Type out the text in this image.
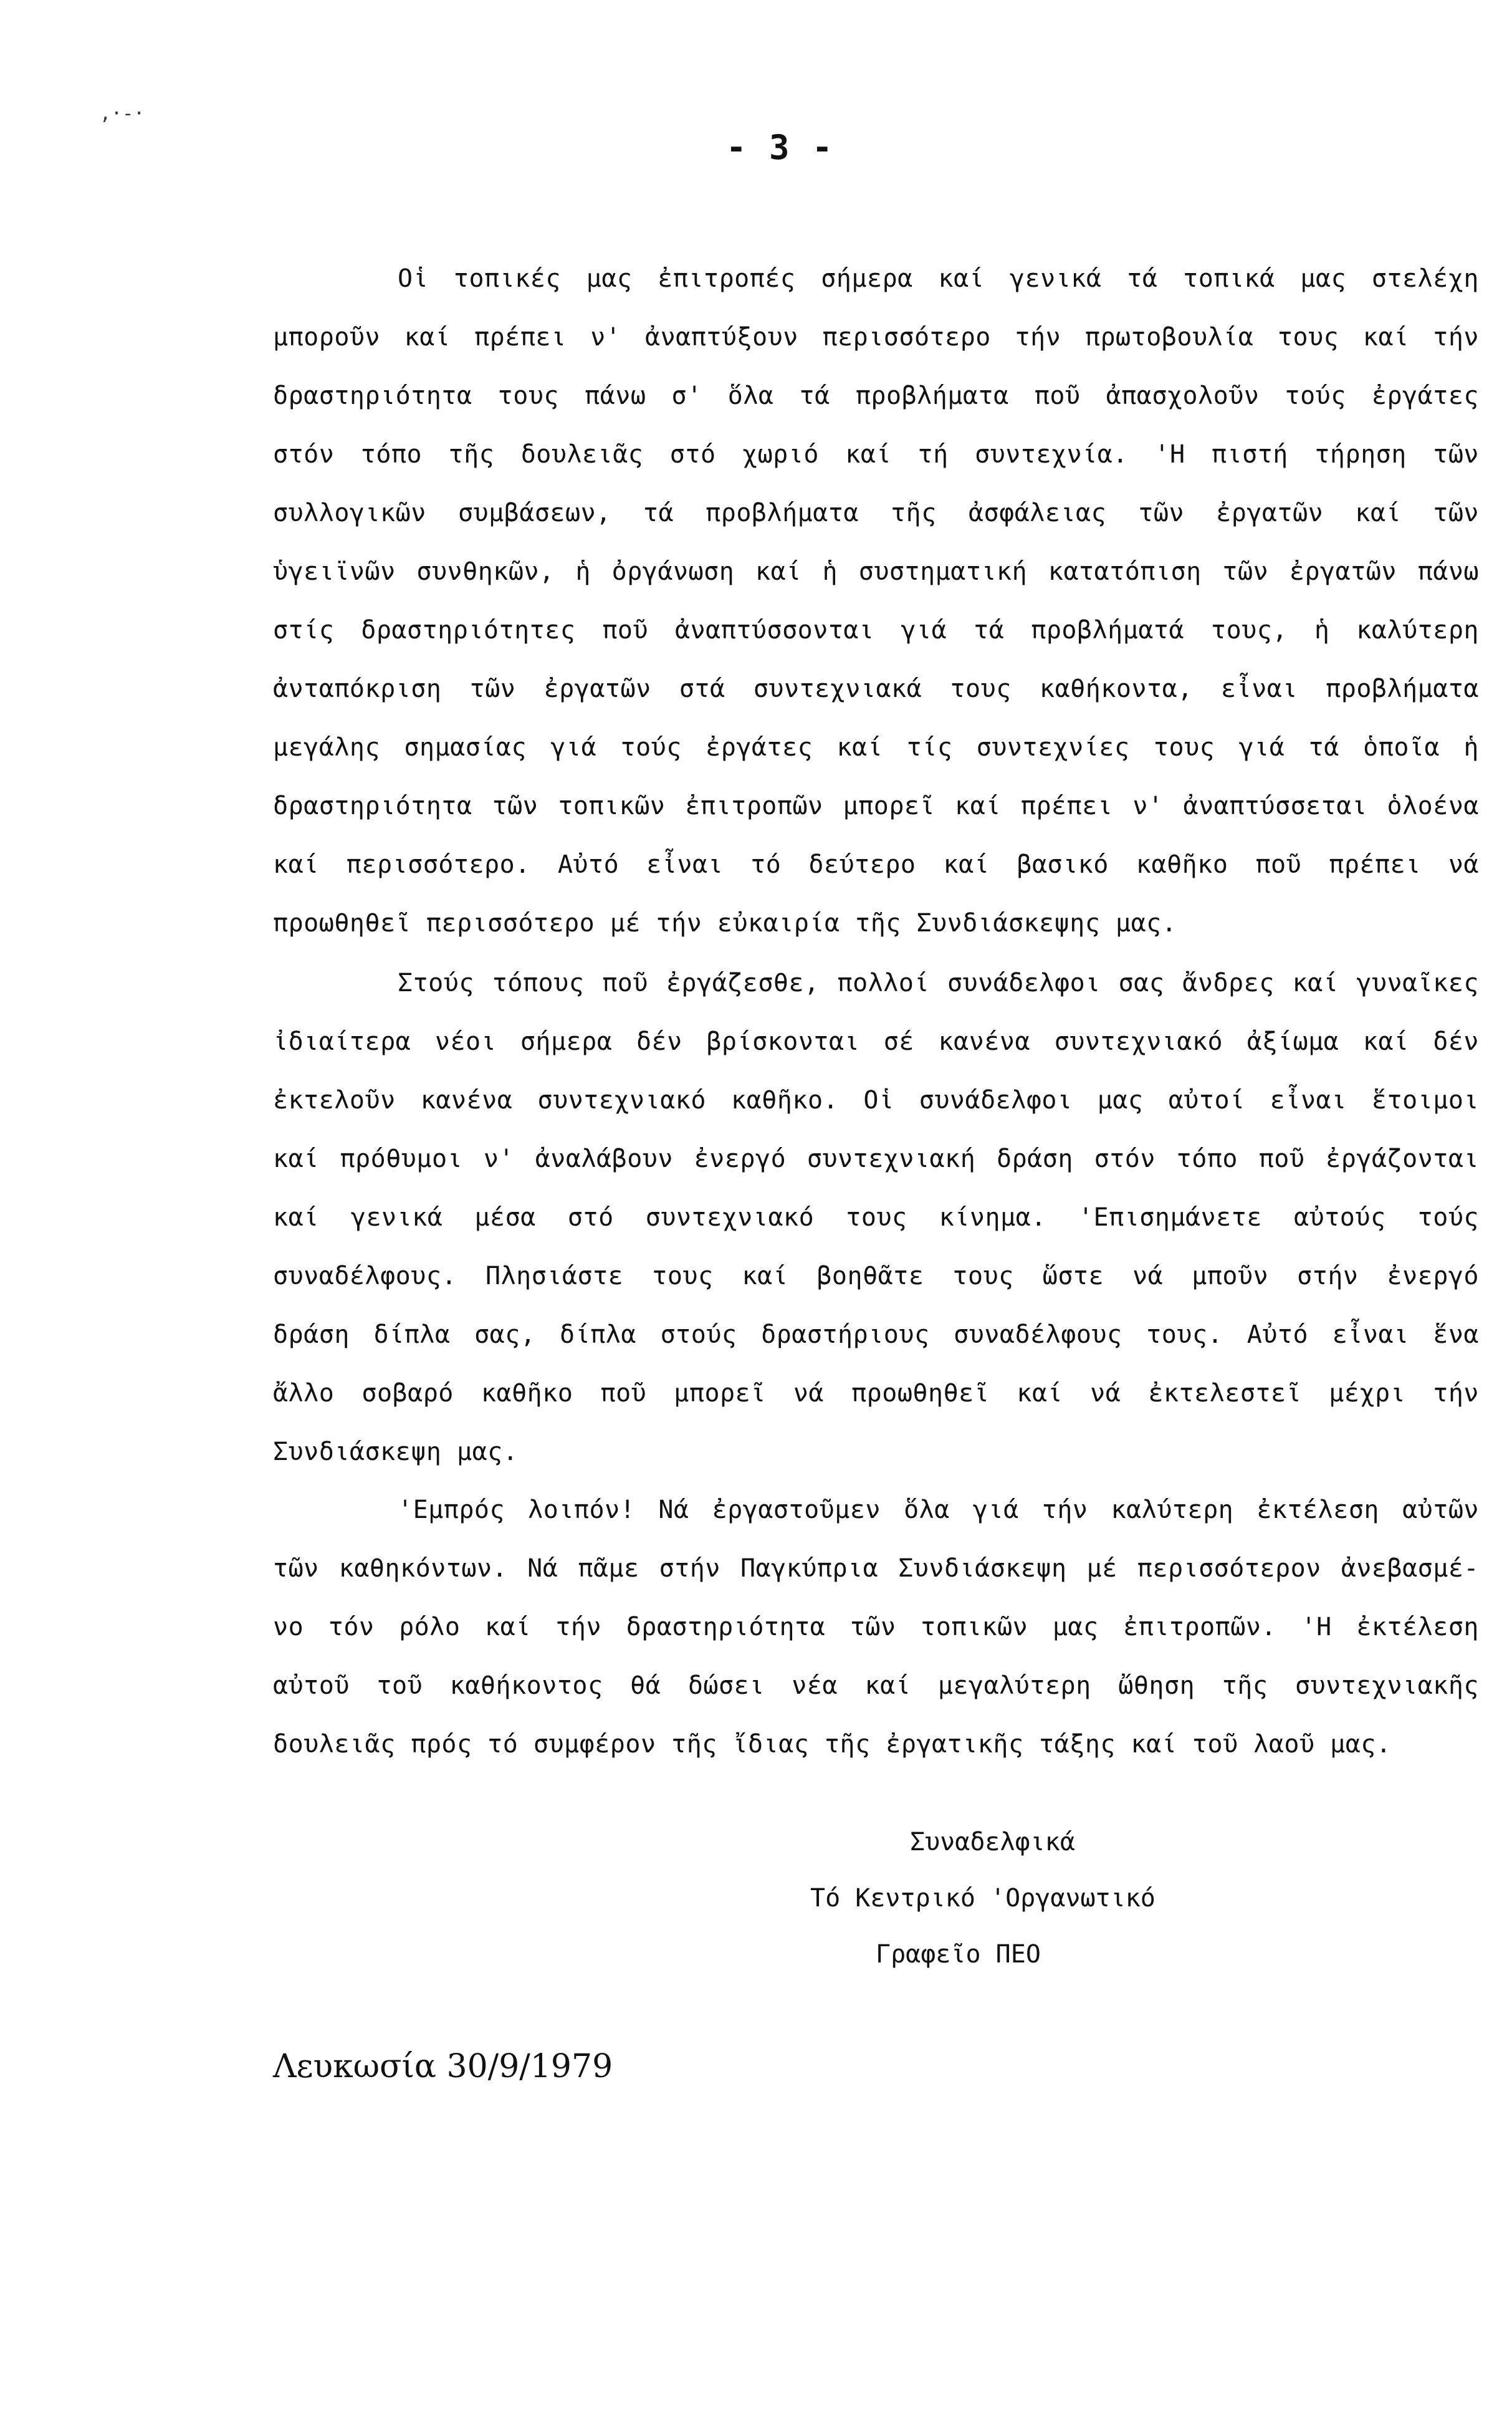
,·-·
- 3 -
Οἱ τοπικές μας ἐπιτροπές σήμερα καί γενικά τά τοπικά μας στελέχη
μποροῦν καί πρέπει ν' ἀναπτύξουν περισσότερο τήν πρωτοβουλία τους καί τήν
δραστηριότητα τους πάνω σ' ὅλα τά προβλήματα ποῦ ἀπασχολοῦν τούς ἐργάτες
στόν τόπο τῆς δουλειᾶς στό χωριό καί τή συντεχνία. 'Η πιστή τήρηση τῶν
συλλογικῶν συμβάσεων, τά προβλήματα τῆς ἀσφάλειας τῶν ἐργατῶν καί τῶν
ὑγειϊνῶν συνθηκῶν, ἡ ὀργάνωση καί ἡ συστηματική κατατόπιση τῶν ἐργατῶν πάνω
στίς δραστηριότητες ποῦ ἀναπτύσσονται γιά τά προβλήματά τους, ἡ καλύτερη
ἀνταπόκριση τῶν ἐργατῶν στά συντεχνιακά τους καθήκοντα, εἶναι προβλήματα
μεγάλης σημασίας γιά τούς ἐργάτες καί τίς συντεχνίες τους γιά τά ὁποῖα ἡ
δραστηριότητα τῶν τοπικῶν ἐπιτροπῶν μπορεῖ καί πρέπει ν' ἀναπτύσσεται ὁλοένα
καί περισσότερο. Αὐτό εἶναι τό δεύτερο καί βασικό καθῆκο ποῦ πρέπει νά
προωθηθεῖ περισσότερο μέ τήν εὐκαιρία τῆς Συνδιάσκεψης μας.
Στούς τόπους ποῦ ἐργάζεσθε, πολλοί συνάδελφοι σας ἄνδρες καί γυναῖκες
ἰδιαίτερα νέοι σήμερα δέν βρίσκονται σέ κανένα συντεχνιακό ἀξίωμα καί δέν
ἐκτελοῦν κανένα συντεχνιακό καθῆκο. Οἱ συνάδελφοι μας αὐτοί εἶναι ἕτοιμοι
καί πρόθυμοι ν' ἀναλάβουν ἐνεργό συντεχνιακή δράση στόν τόπο ποῦ ἐργάζονται
καί γενικά μέσα στό συντεχνιακό τους κίνημα. 'Επισημάνετε αὐτούς τούς
συναδέλφους. Πλησιάστε τους καί βοηθᾶτε τους ὥστε νά μποῦν στήν ἐνεργό
δράση δίπλα σας, δίπλα στούς δραστήριους συναδέλφους τους. Αὐτό εἶναι ἕνα
ἄλλο σοβαρό καθῆκο ποῦ μπορεῖ νά προωθηθεῖ καί νά ἐκτελεστεῖ μέχρι τήν
Συνδιάσκεψη μας.
'Εμπρός λοιπόν! Νά ἐργαστοῦμεν ὅλα γιά τήν καλύτερη ἐκτέλεση αὐτῶν
τῶν καθηκόντων. Νά πᾶμε στήν Παγκύπρια Συνδιάσκεψη μέ περισσότερον ἀνεβασμέ-
νο τόν ρόλο καί τήν δραστηριότητα τῶν τοπικῶν μας ἐπιτροπῶν. 'Η ἐκτέλεση
αὐτοῦ τοῦ καθήκοντος θά δώσει νέα καί μεγαλύτερη ὤθηση τῆς συντεχνιακῆς
δουλειᾶς πρός τό συμφέρον τῆς ἴδιας τῆς ἐργατικῆς τάξης καί τοῦ λαοῦ μας.
Συναδελφικά
Τό Κεντρικό 'Οργανωτικό
Γραφεῖο ΠΕΟ
Λευκωσία 30/9/1979
